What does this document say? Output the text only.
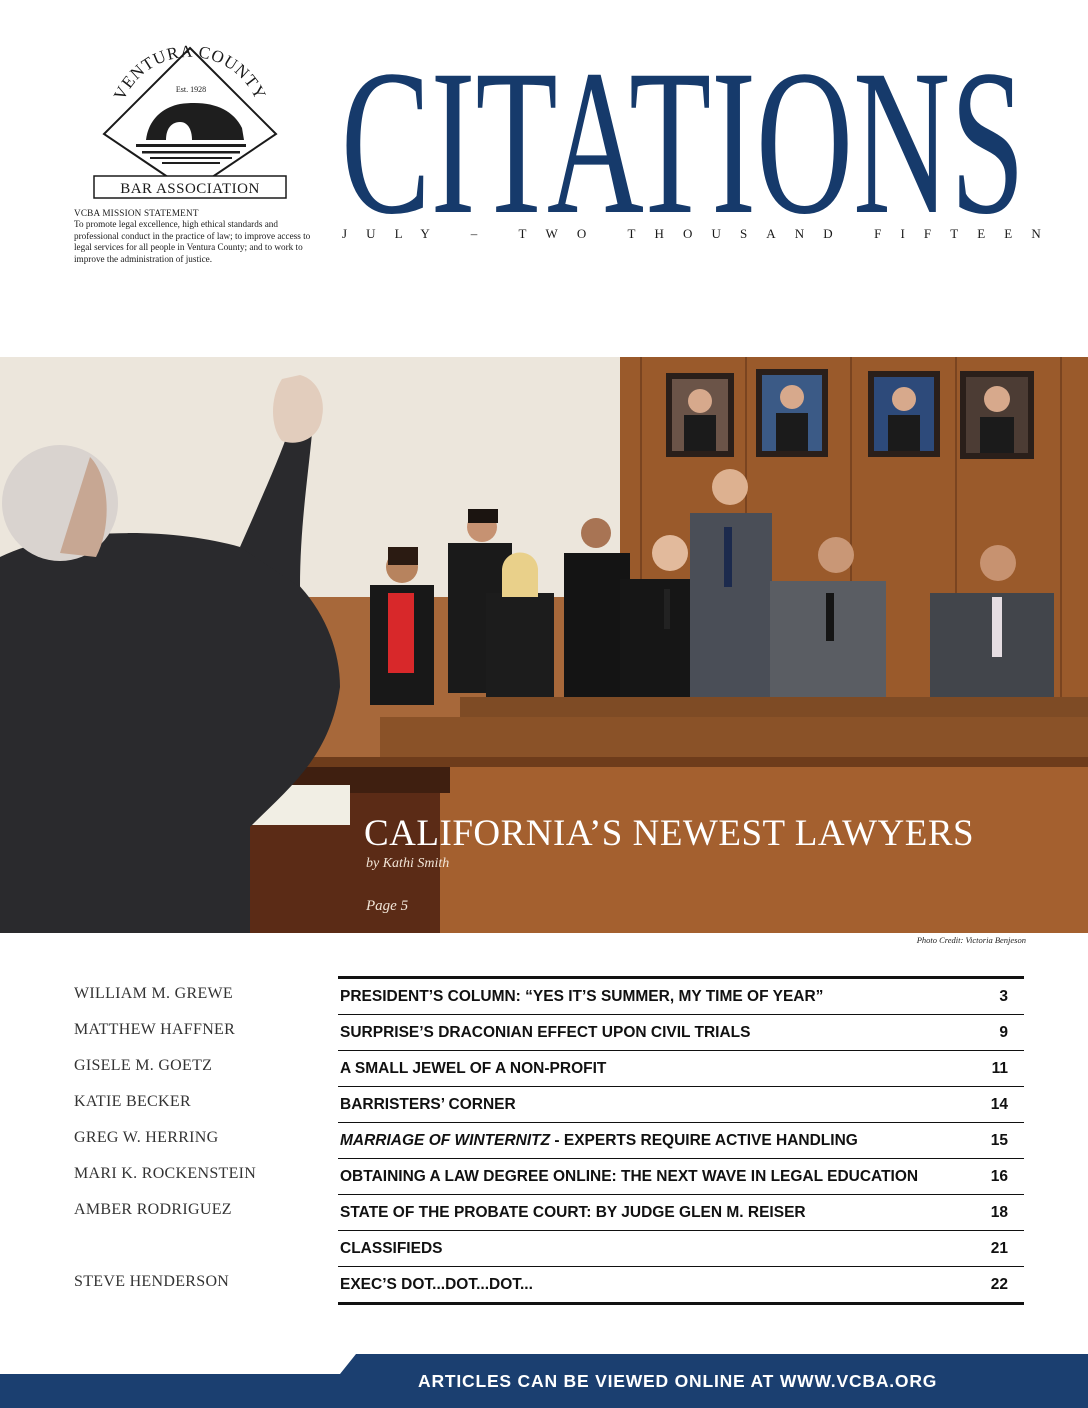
VENTURA COUNTY
Est. 1928
BAR ASSOCIATION
VCBA MISSION STATEMENT
To promote legal excellence, high ethical standards and professional conduct in the practice of law; to improve access to legal services for all people in Ventura County; and to work to improve the administration of justice.
CITATIONS
JULY – TWO THOUSAND FIFTEEN
CALIFORNIA’S NEWEST LAWYERS
by Kathi Smith
Page 5
Photo Credit: Victoria Benjeson
WILLIAM M. GREWE
MATTHEW HAFFNER
GISELE M. GOETZ
KATIE BECKER
GREG W. HERRING
MARI K. ROCKENSTEIN
AMBER RODRIGUEZ
STEVE HENDERSON
PRESIDENT’S COLUMN: “YES IT’S SUMMER, MY TIME OF YEAR”	3
SURPRISE’S DRACONIAN EFFECT UPON CIVIL TRIALS	9
A SMALL JEWEL OF A NON-PROFIT	11
BARRISTERS’ CORNER	14
MARRIAGE OF WINTERNITZ - EXPERTS REQUIRE ACTIVE HANDLING	15
OBTAINING A LAW DEGREE ONLINE: THE NEXT WAVE IN LEGAL EDUCATION	16
STATE OF THE PROBATE COURT: BY JUDGE GLEN M. REISER	18
CLASSIFIEDS	21
EXEC’S DOT...DOT...DOT...	22
ARTICLES CAN BE VIEWED ONLINE AT WWW.VCBA.ORG
